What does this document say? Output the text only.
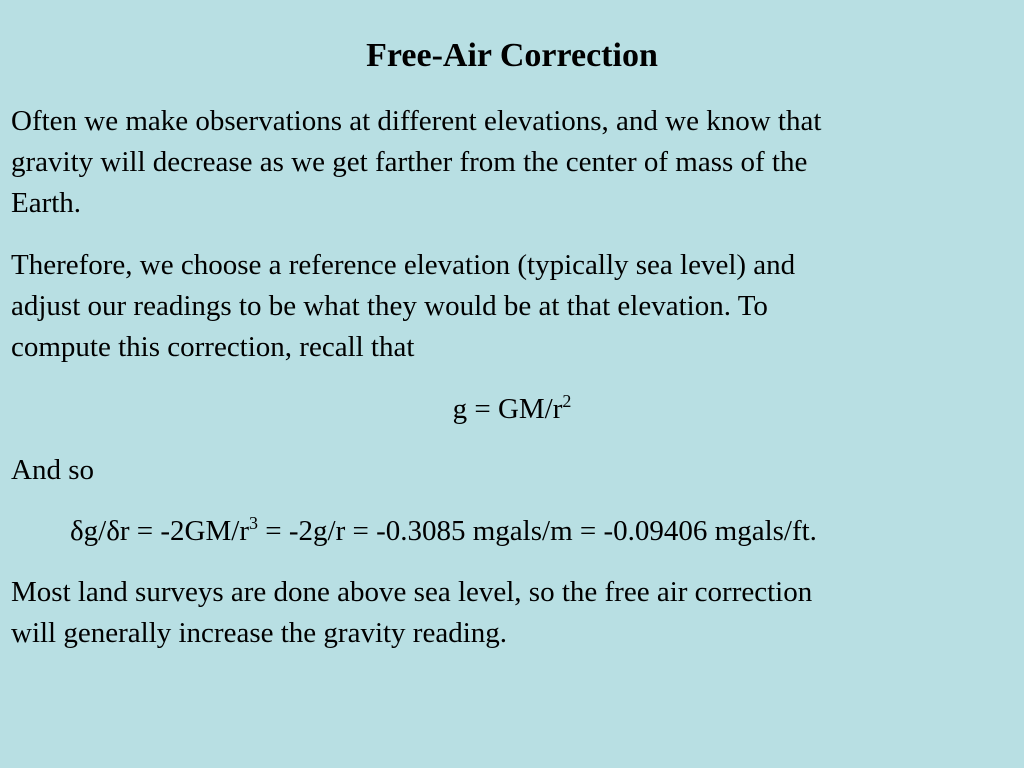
Free-Air Correction
Often we make observations at different elevations, and we know that
gravity will decrease as we get farther from the center of mass of the
Earth.
Therefore, we choose a reference elevation (typically sea level) and
adjust our readings to be what they would be at that elevation. To
compute this correction, recall that
$g = GM/r^2$
And so
$\delta g/\delta r = -2GM/r^3 = -2g/r = -0.3085$ mgals/m = -0.09406 mgals/ft.
Most land surveys are done above sea level, so the free air correction
will generally increase the gravity reading.
